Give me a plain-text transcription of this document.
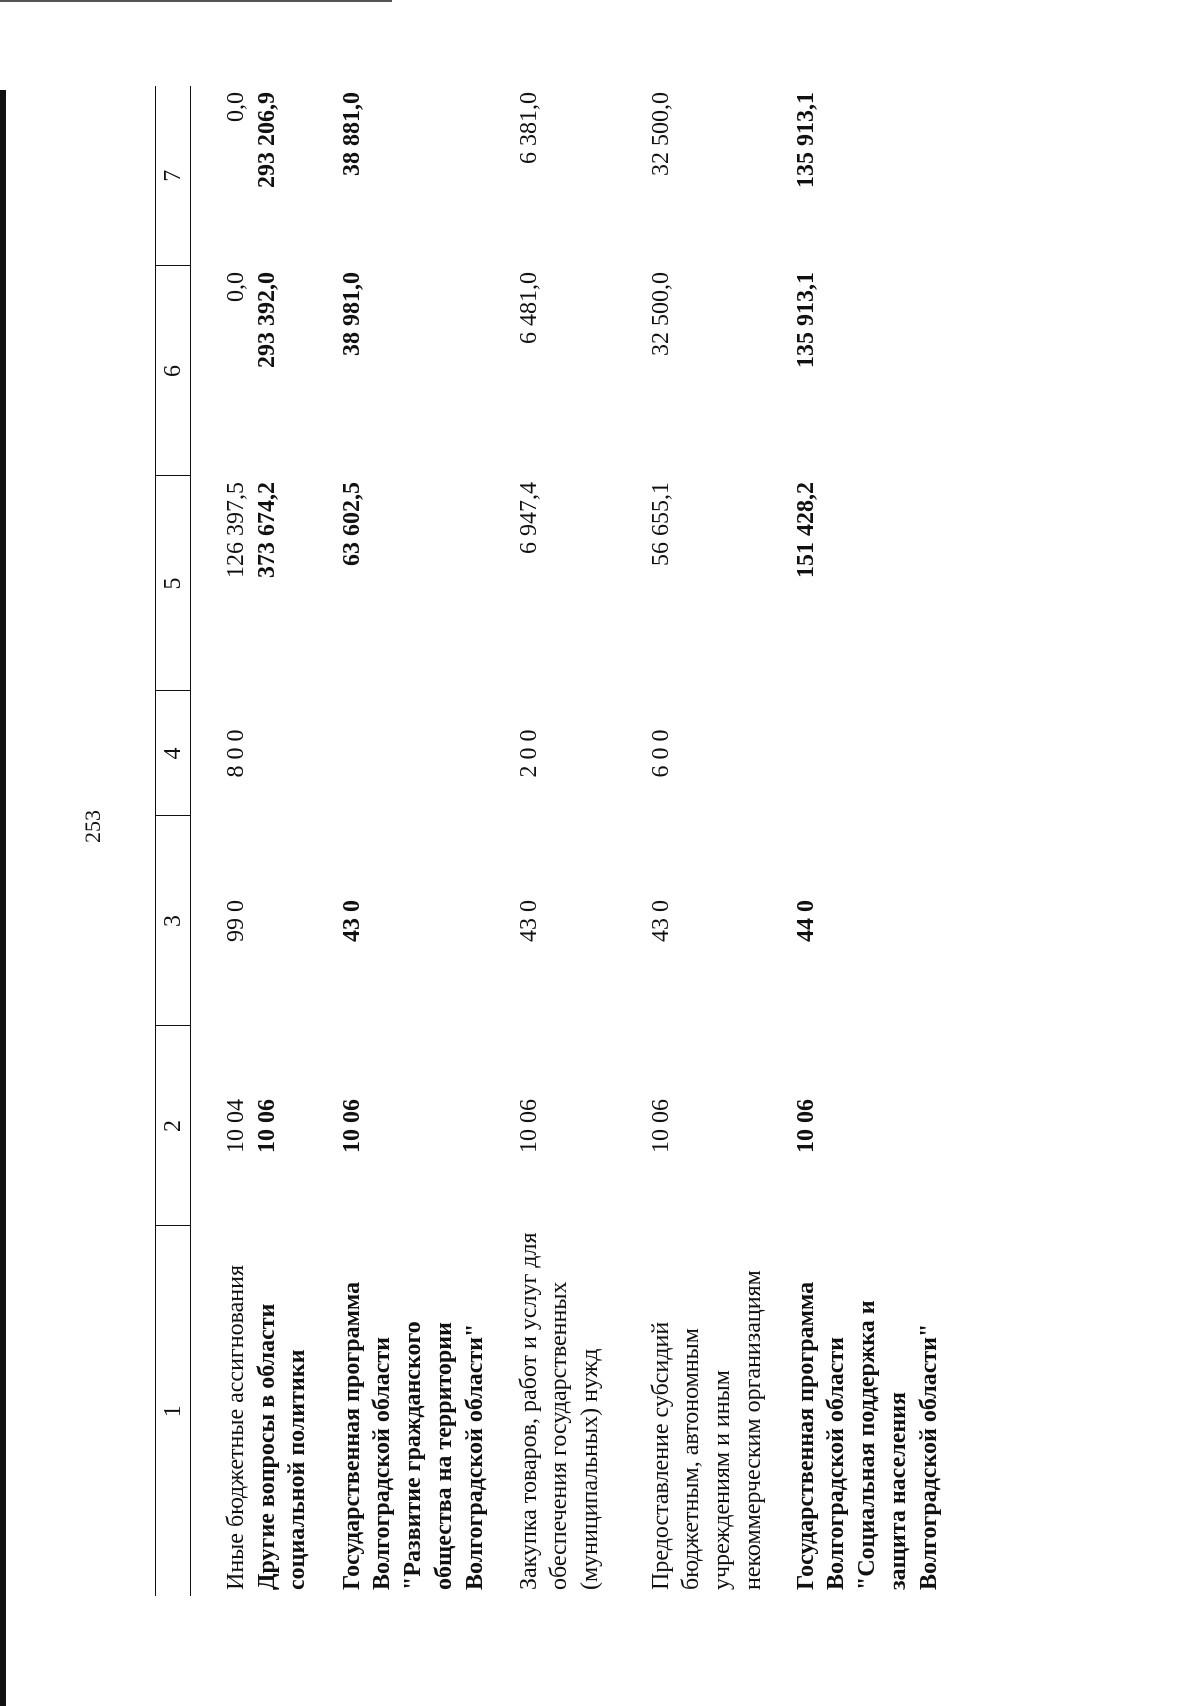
253
1	2	3	4	5	6	7
Иные бюджетные ассигнования	10 04	99 0	8 0 0	126 397,5	0,0	0,0
Другие вопросы в области социальной политики	10 06			373 674,2	293 392,0	293 206,9
Государственная программа Волгоградской области "Развитие гражданского общества на территории Волгоградской области"	10 06	43 0		63 602,5	38 981,0	38 881,0
Закупка товаров, работ и услуг для обеспечения государственных (муниципальных) нужд	10 06	43 0	2 0 0	6 947,4	6 481,0	6 381,0
Предоставление субсидий бюджетным, автономным учреждениям и иным некоммерческим организациям	10 06	43 0	6 0 0	56 655,1	32 500,0	32 500,0
Государственная программа Волгоградской области "Социальная поддержка и защита населения Волгоградской области"	10 06	44 0		151 428,2	135 913,1	135 913,1
